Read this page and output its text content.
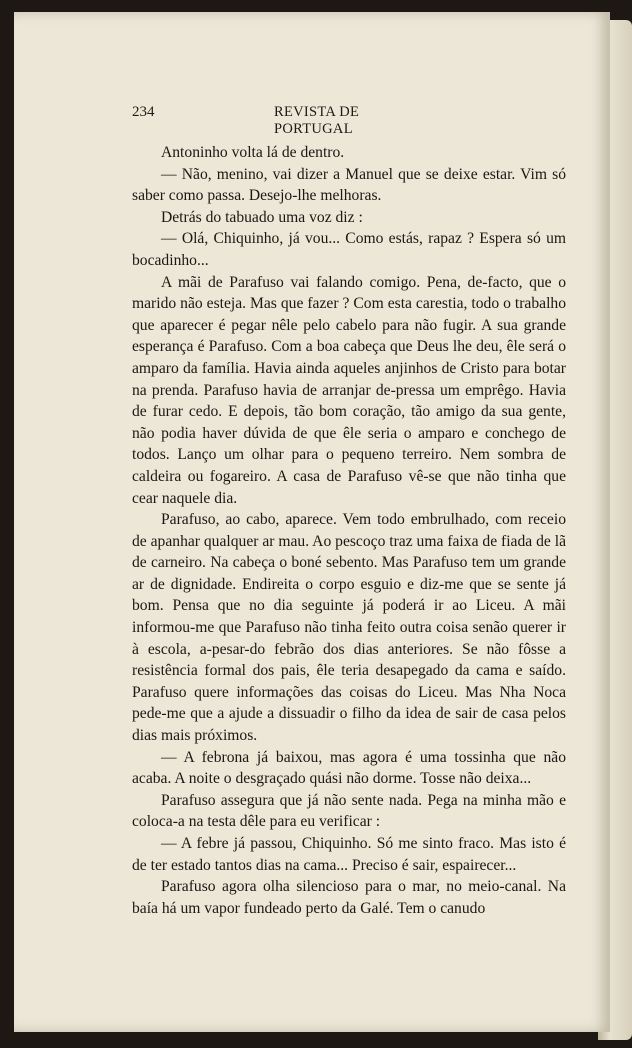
234	REVISTA DE PORTUGAL

Antoninho volta lá de dentro.

— Não, menino, vai dizer a Manuel que se deixe estar. Vim só saber como passa. Desejo-lhe melhoras.

Detrás do tabuado uma voz diz :

— Olá, Chiquinho, já vou... Como estás, rapaz ? Espera só um bocadinho...

A mãi de Parafuso vai falando comigo. Pena, de-facto, que o marido não esteja. Mas que fazer ? Com esta carestia, todo o trabalho que aparecer é pegar nêle pelo cabelo para não fugir. A sua grande esperança é Parafuso. Com a boa cabeça que Deus lhe deu, êle será o amparo da família. Havia ainda aqueles anjinhos de Cristo para botar na prenda. Parafuso havia de arranjar de-pressa um emprêgo. Havia de furar cedo. E depois, tão bom coração, tão amigo da sua gente, não podia haver dúvida de que êle seria o amparo e conchego de todos. Lanço um olhar para o pequeno terreiro. Nem sombra de caldeira ou fogareiro. A casa de Parafuso vê-se que não tinha que cear naquele dia.

Parafuso, ao cabo, aparece. Vem todo embrulhado, com receio de apanhar qualquer ar mau. Ao pescoço traz uma faixa de fiada de lã de carneiro. Na cabeça o boné sebento. Mas Parafuso tem um grande ar de dignidade. Endireita o corpo esguio e diz-me que se sente já bom. Pensa que no dia seguinte já poderá ir ao Liceu. A mãi informou-me que Parafuso não tinha feito outra coisa senão querer ir à escola, a-pesar-do febrão dos dias anteriores. Se não fôsse a resistência formal dos pais, êle teria desapegado da cama e saído. Parafuso quere informações das coisas do Liceu. Mas Nha Noca pede-me que a ajude a dissuadir o filho da idea de sair de casa pelos dias mais próximos.

— A febrona já baixou, mas agora é uma tossinha que não acaba. A noite o desgraçado quási não dorme. Tosse não deixa...

Parafuso assegura que já não sente nada. Pega na minha mão e coloca-a na testa dêle para eu verificar :

— A febre já passou, Chiquinho. Só me sinto fraco. Mas isto é de ter estado tantos dias na cama... Preciso é sair, espairecer...

Parafuso agora olha silencioso para o mar, no meio-canal. Na baía há um vapor fundeado perto da Galé. Tem o canudo
